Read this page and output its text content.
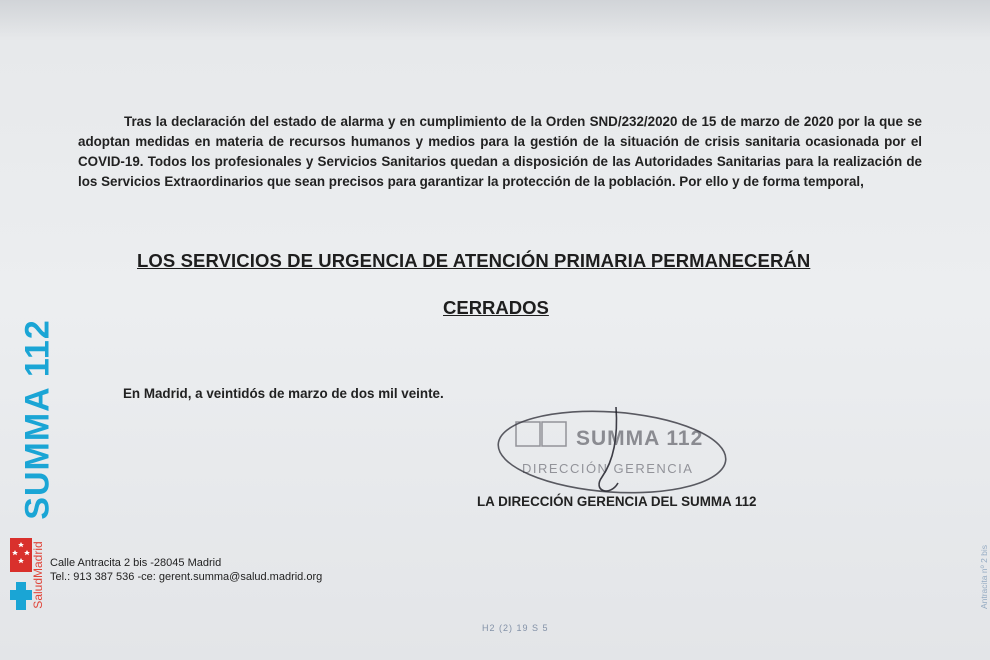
Tras la declaración del estado de alarma y en cumplimiento de la Orden SND/232/2020 de 15 de marzo de 2020 por la que se adoptan medidas en materia de recursos humanos y medios para la gestión de la situación de crisis sanitaria ocasionada por el COVID-19. Todos los profesionales y Servicios Sanitarios quedan a disposición de las Autoridades Sanitarias para la realización de los Servicios Extraordinarios que sean precisos para garantizar la protección de la población. Por ello y de forma temporal,

LOS SERVICIOS DE URGENCIA DE ATENCIÓN PRIMARIA PERMANECERÁN
CERRADOS
En Madrid, a veintidós de marzo de dos mil veinte.
SUMMA 112
DIRECCIÓN GERENCIA
LA DIRECCIÓN GERENCIA DEL SUMMA 112
SUMMA 112
SaludMadrid Calle Antracita 2 bis -28045 Madrid
Tel.: 913 387 536 -ce: gerent.summa@salud.madrid.org
H2 (2) 19 S 5
Antracita nº 2 bis
